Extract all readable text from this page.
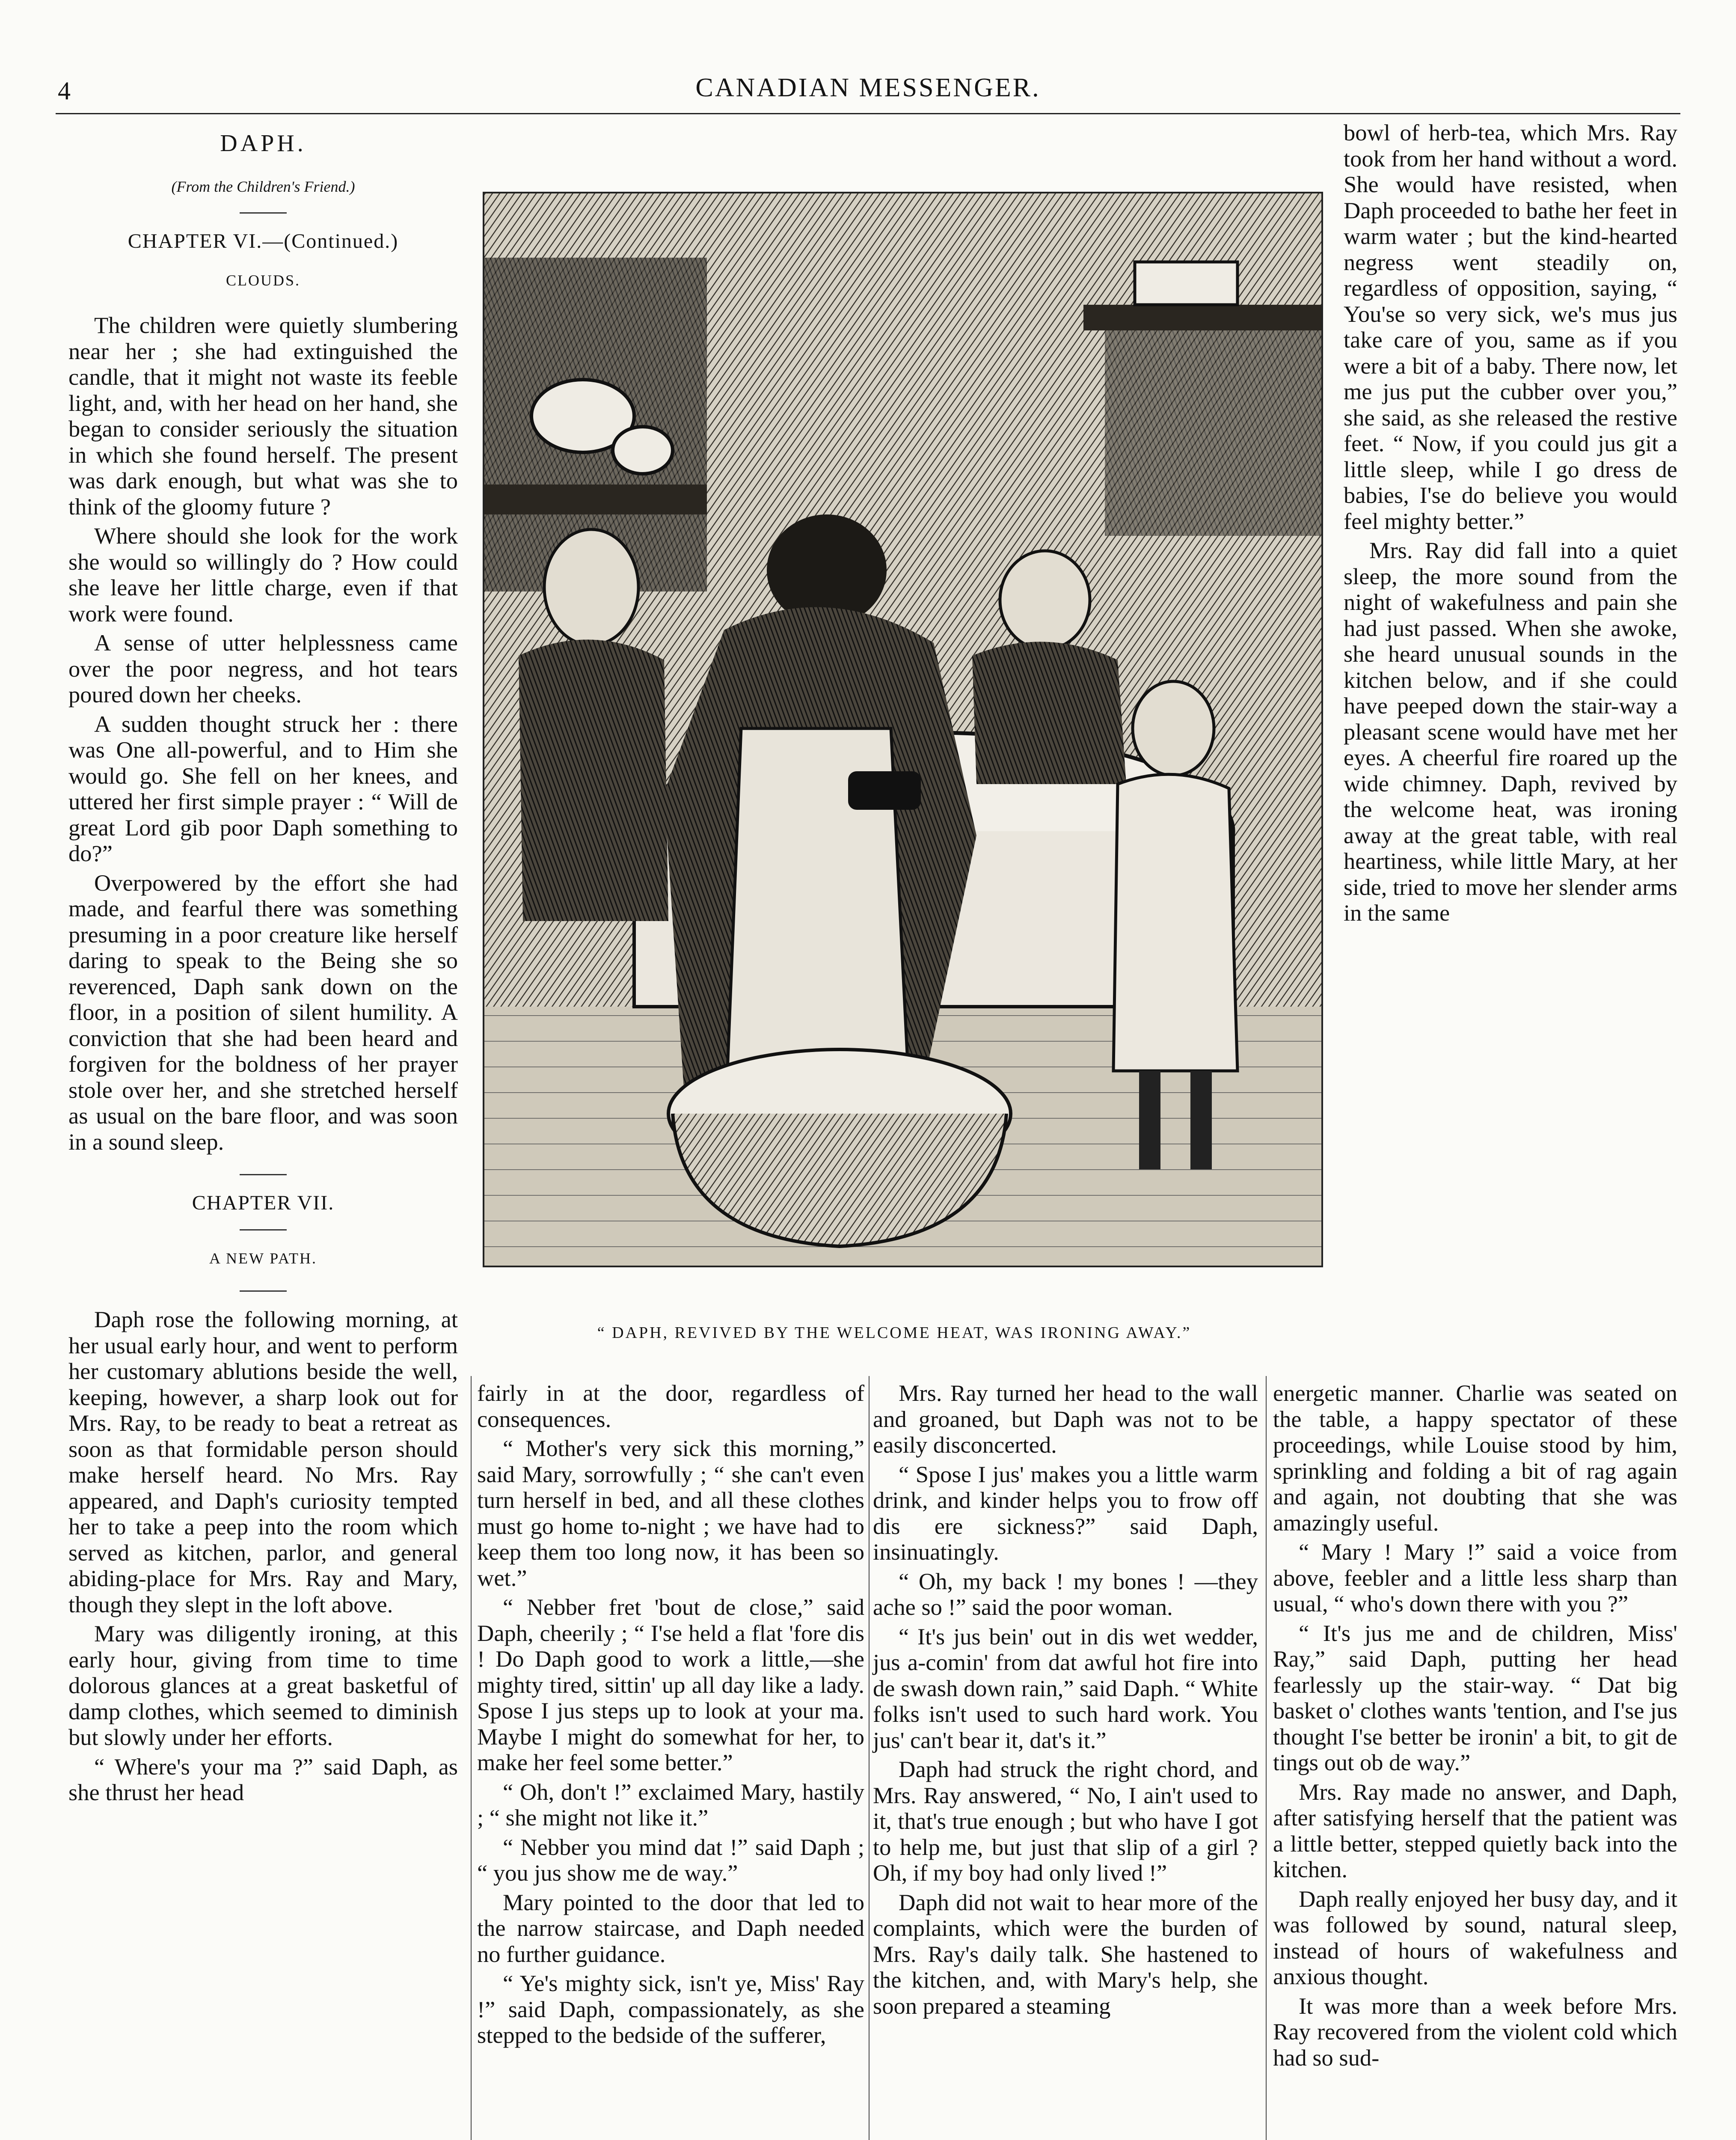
4	CANADIAN MESSENGER.
DAPH.
(From the Children's Friend.)
CHAPTER VI.—(Continued.)
CLOUDS.

The children were quietly slumbering near her ; she had extinguished the candle, that it might not waste its feeble light, and, with her head on her hand, she began to consider seriously the situation in which she found herself. The present was dark enough, but what was she to think of the gloomy future ?

Where should she look for the work she would so willingly do ? How could she leave her little charge, even if that work were found.

A sense of utter helplessness came over the poor negress, and hot tears poured down her cheeks.

A sudden thought struck her : there was One all-powerful, and to Him she would go. She fell on her knees, and uttered her first simple prayer : “ Will de great Lord gib poor Daph something to do?”

Overpowered by the effort she had made, and fearful there was something presuming in a poor creature like herself daring to speak to the Being she so reverenced, Daph sank down on the floor, in a position of silent humility. A conviction that she had been heard and forgiven for the boldness of her prayer stole over her, and she stretched herself as usual on the bare floor, and was soon in a sound sleep.

CHAPTER VII.
A NEW PATH.

Daph rose the following morning, at her usual early hour, and went to perform her customary ablutions beside the well, keeping, however, a sharp look out for Mrs. Ray, to be ready to beat a retreat as soon as that formidable person should make herself heard. No Mrs. Ray appeared, and Daph's curiosity tempted her to take a peep into the room which served as kitchen, parlor, and general abiding-place for Mrs. Ray and Mary, though they slept in the loft above.

Mary was diligently ironing, at this early hour, giving from time to time dolorous glances at a great basketful of damp clothes, which seemed to diminish but slowly under her efforts.

“ Where's your ma ?” said Daph, as she thrust her head

“ DAPH, REVIVED BY THE WELCOME HEAT, WAS IRONING AWAY.”

fairly in at the door, regardless of consequences.

“ Mother's very sick this morning,” said Mary, sorrowfully ; “ she can't even turn herself in bed, and all these clothes must go home to-night ; we have had to keep them too long now, it has been so wet.”

“ Nebber fret 'bout de close,” said Daph, cheerily ; “ I'se held a flat 'fore dis ! Do Daph good to work a little,—she mighty tired, sittin' up all day like a lady. Spose I jus steps up to look at your ma. Maybe I might do somewhat for her, to make her feel some better.”

“ Oh, don't !” exclaimed Mary, hastily ; “ she might not like it.”

“ Nebber you mind dat !” said Daph ; “ you jus show me de way.”

Mary pointed to the door that led to the narrow staircase, and Daph needed no further guidance.

“ Ye's mighty sick, isn't ye, Miss' Ray !” said Daph, compassionately, as she stepped to the bedside of the sufferer,

Mrs. Ray turned her head to the wall and groaned, but Daph was not to be easily disconcerted.

“ Spose I jus' makes you a little warm drink, and kinder helps you to frow off dis ere sickness?” said Daph, insinuatingly.

“ Oh, my back ! my bones ! —they ache so !” said the poor woman.

“ It's jus bein' out in dis wet wedder, jus a-comin' from dat awful hot fire into de swash down rain,” said Daph. “ White folks isn't used to such hard work. You jus' can't bear it, dat's it.”

Daph had struck the right chord, and Mrs. Ray answered, “ No, I ain't used to it, that's true enough ; but who have I got to help me, but just that slip of a girl ? Oh, if my boy had only lived !”

Daph did not wait to hear more of the complaints, which were the burden of Mrs. Ray's daily talk. She hastened to the kitchen, and, with Mary's help, she soon prepared a steaming

bowl of herb-tea, which Mrs. Ray took from her hand without a word. She would have resisted, when Daph proceeded to bathe her feet in warm water ; but the kind-hearted negress went steadily on, regardless of opposition, saying, “ You'se so very sick, we's mus jus take care of you, same as if you were a bit of a baby. There now, let me jus put the cubber over you,” she said, as she released the restive feet. “ Now, if you could jus git a little sleep, while I go dress de babies, I'se do believe you would feel mighty better.”

Mrs. Ray did fall into a quiet sleep, the more sound from the night of wakefulness and pain she had just passed. When she awoke, she heard unusual sounds in the kitchen below, and if she could have peeped down the stair-way a pleasant scene would have met her eyes. A cheerful fire roared up the wide chimney. Daph, revived by the welcome heat, was ironing away at the great table, with real heartiness, while little Mary, at her side, tried to move her slender arms in the same

energetic manner. Charlie was seated on the table, a happy spectator of these proceedings, while Louise stood by him, sprinkling and folding a bit of rag again and again, not doubting that she was amazingly useful.

“ Mary ! Mary !” said a voice from above, feebler and a little less sharp than usual, “ who's down there with you ?”

“ It's jus me and de children, Miss' Ray,” said Daph, putting her head fearlessly up the stair-way. “ Dat big basket o' clothes wants 'tention, and I'se jus thought I'se better be ironin' a bit, to git de tings out ob de way.”

Mrs. Ray made no answer, and Daph, after satisfying herself that the patient was a little better, stepped quietly back into the kitchen.

Daph really enjoyed her busy day, and it was followed by sound, natural sleep, instead of hours of wakefulness and anxious thought.

It was more than a week before Mrs. Ray recovered from the violent cold which had so sud-
